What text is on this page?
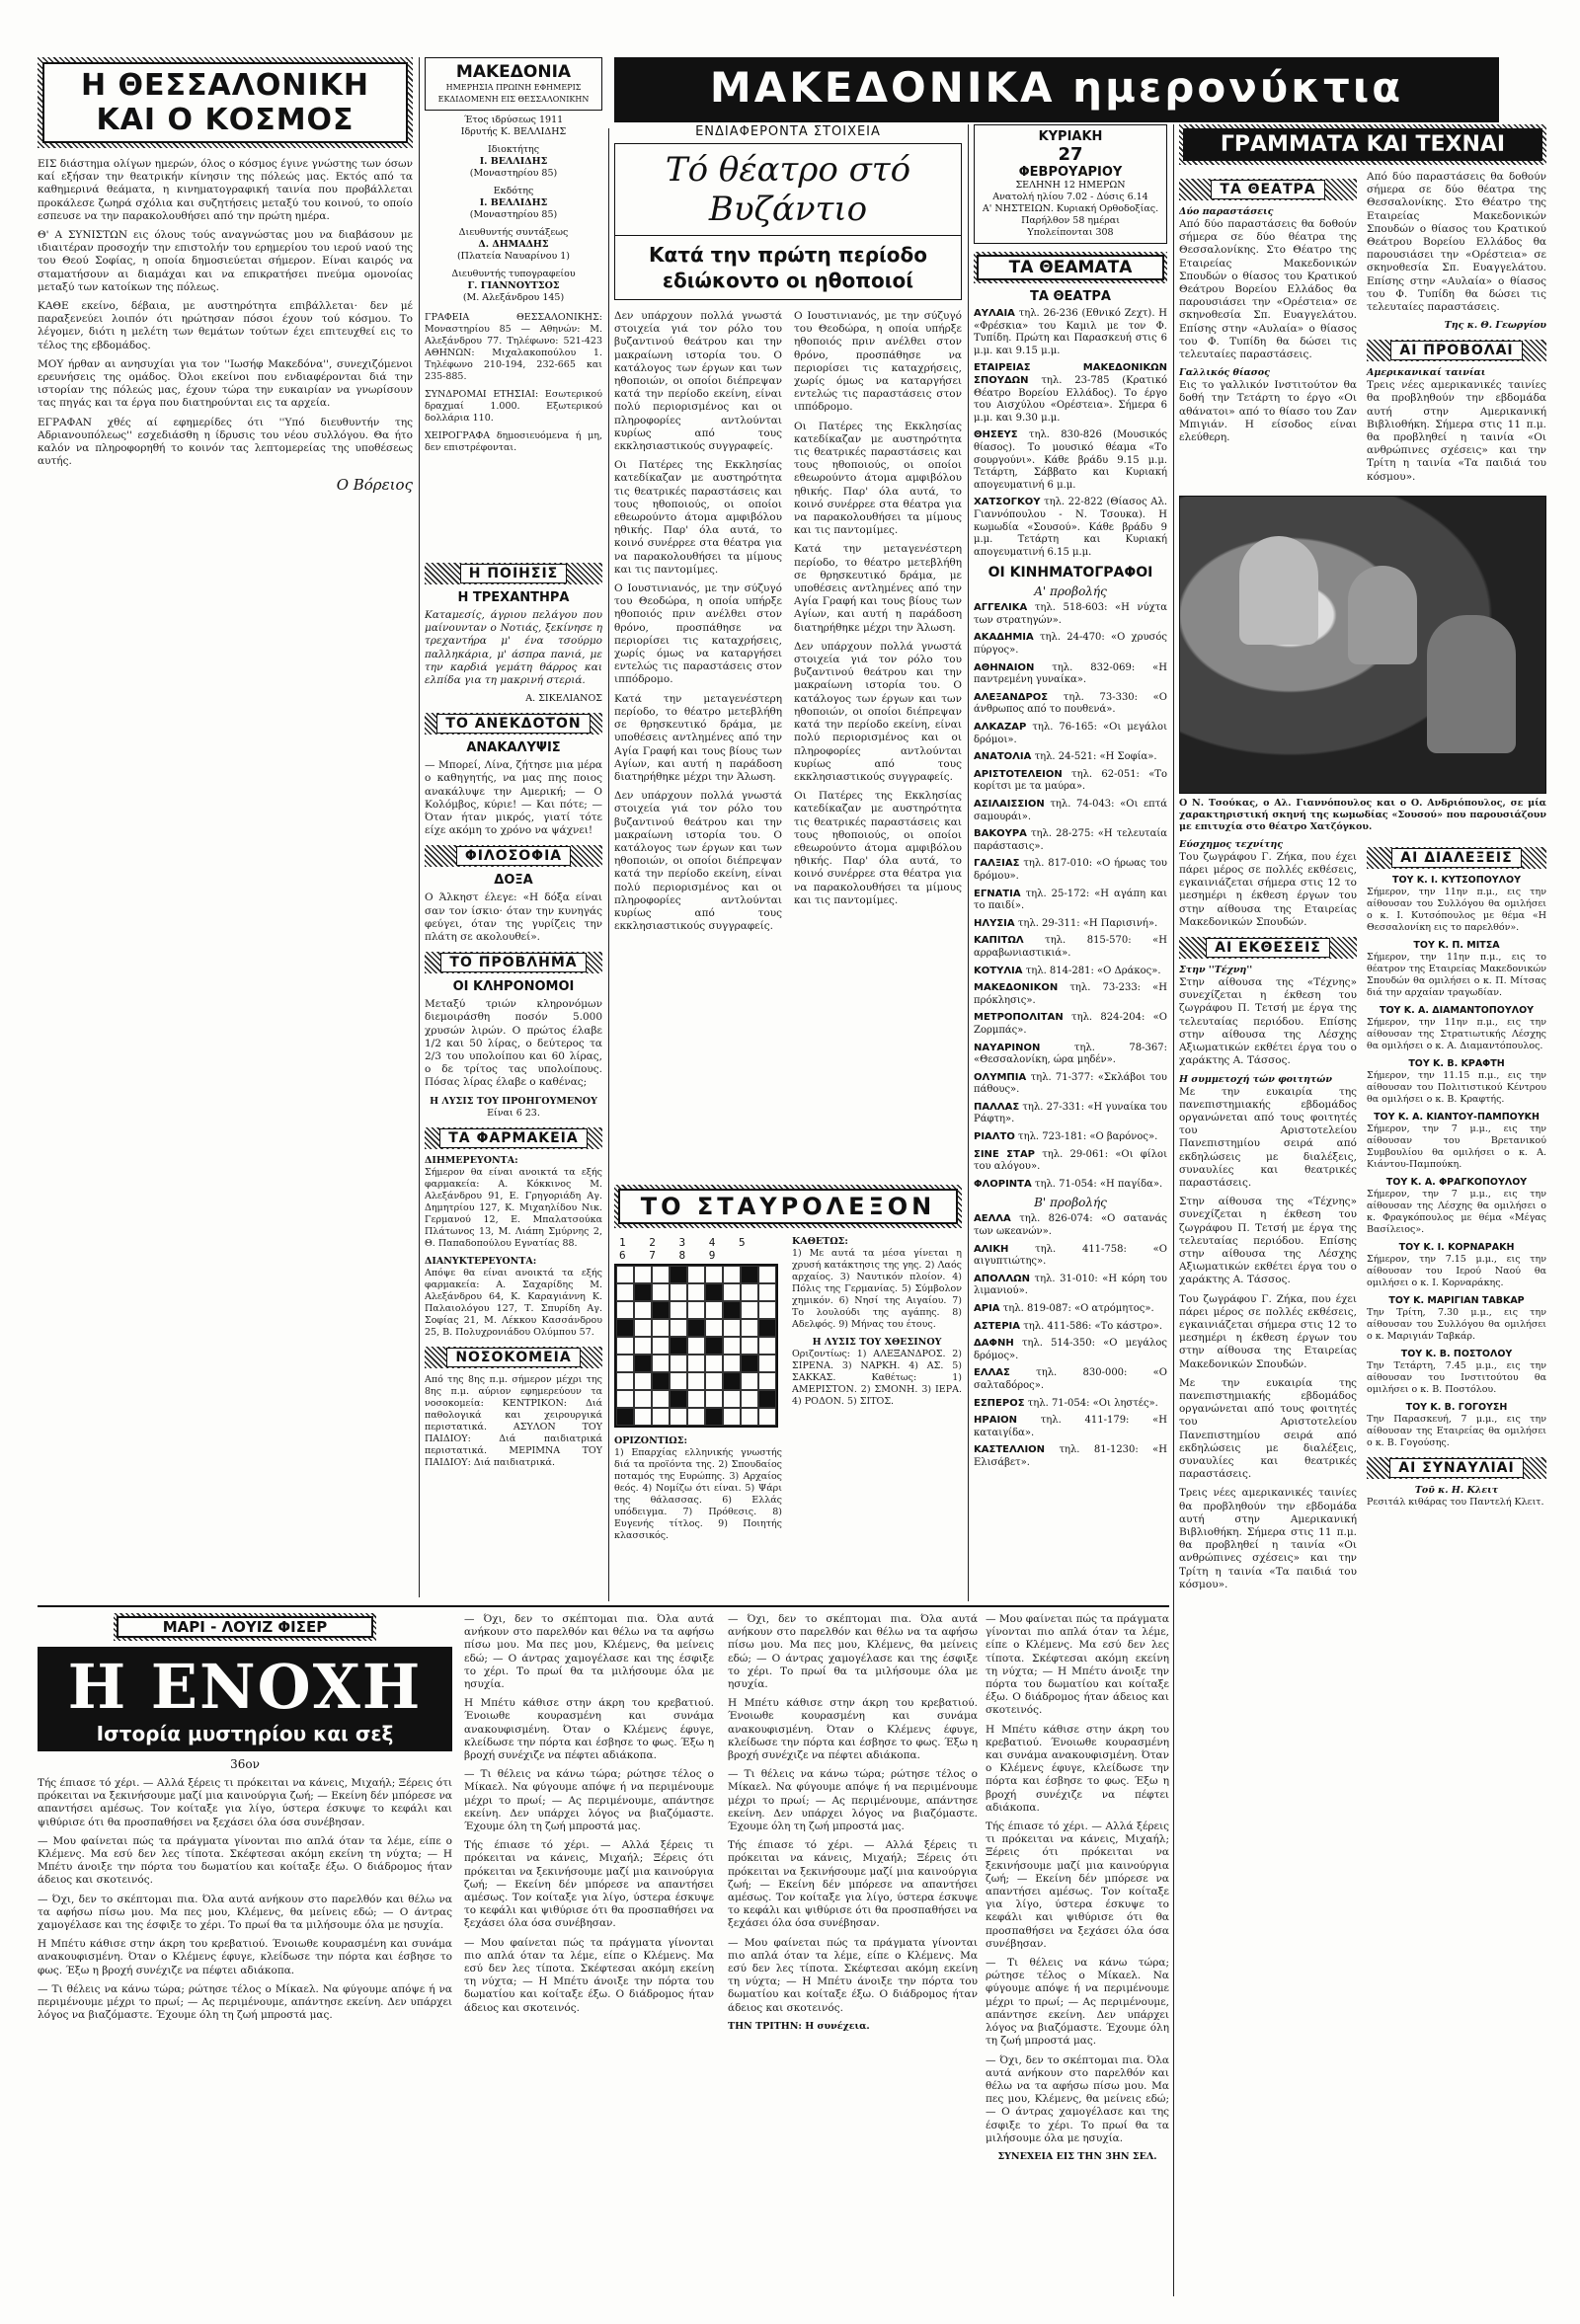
ΜΑΚΕΔΟΝΙΚΑ ημερονύκτια
Η ΘΕΣΣΑΛΟΝΙΚΗ
ΚΑΙ Ο ΚΟΣΜΟΣ

ΕΙΣ διάστημα ολίγων ημερών, όλος ο κόσμος έγινε γνώστης των όσων καί εξήσαν την θεατρικήν κίνησιν της πόλεώς μας. Εκτός από τα καθημερινά θεάματα, η κινηματογραφική ταινία που προβάλλεται προκάλεσε ζωηρά σχόλια και συζητήσεις μεταξύ του κοινού, το οποίο εσπευσε να την παρακολουθήσει από την πρώτη ημέρα.

Θ' Α ΣΥΝΙΣΤΩΝ εις όλους τούς αναγνώστας μου να διαβάσουν με ιδιαιτέραν προσοχήν την επιστολήν του ερημερίου του ιερού ναού της του Θεού Σοφίας, η οποία δημοσιεύεται σήμερον. Είναι καιρός να σταματήσουν αι διαμάχαι και να επικρατήσει πνεύμα ομονοίας μεταξύ των κατοίκων της πόλεως.

ΚΑΘΕ εκείνο, δέβαια, με αυστηρότητα επιβάλλεται· δεν μέ παραξενεύει λοιπόν ότι ηρώτησαν πόσοι έχουν τού κόσμου. Το λέγομεν, διότι η μελέτη των θεμάτων τούτων έχει επιτευχθεί εις το τέλος της εβδομάδος.

ΜΟΥ ήρθαν αι ανησυχίαι για τον ''Ιωσήφ Μακεδόνα'', συνεχιζόμενοι ερευνήσεις της ομάδος. Όλοι εκείνοι που ενδιαφέρονται διά την ιστορίαν της πόλεώς μας, έχουν τώρα την ευκαιρίαν να γνωρίσουν τας πηγάς και τα έργα που διατηρούνται εις τα αρχεία.

ΕΓΡΑΦΑΝ χθές αί εφημερίδες ότι ''Υπό διευθυντήν της Αδριανουπόλεως'' εσχεδιάσθη η ίδρυσις του νέου συλλόγου. Θα ήτο καλόν να πληροφορηθή το κοινόν τας λεπτομερείας της υποθέσεως αυτής.

Ο Βόρειος
ΜΑΚΕΔΟΝΙΑ
ΗΜΕΡΗΣΙΑ ΠΡΩΙΝΗ ΕΦΗΜΕΡΙΣ ΕΚΔΙΔΟΜΕΝΗ ΕΙΣ ΘΕΣΣΑΛΟΝΙΚΗΝ
Έτος ιδρύσεως 1911
Ιδρυτής Κ. ΒΕΛΛΙΔΗΣ
Ιδιοκτήτης
Ι. ΒΕΛΛΙΔΗΣ
(Μοναστηρίου 85)
Εκδότης
Ι. ΒΕΛΛΙΔΗΣ
(Μοναστηρίου 85)
Διευθυντής συντάξεως
Δ. ΔΗΜΑΔΗΣ
(Πλατεία Ναυαρίνου 1)
Διευθυντής τυπογραφείου
Γ. ΓΙΑΝΝΟΥΤΣΟΣ
(Μ. Αλεξάνδρου 145)

ΓΡΑΦΕΙΑ ΘΕΣΣΑΛΟΝΙΚΗΣ: Μοναστηρίου 85 — Αθηνών: Μ. Αλεξάνδρου 77. Τηλέφωνο: 521-423 ΑΘΗΝΩΝ: Μιχαλακοπούλου 1. Τηλέφωνο 210-194, 232-665 και 235-885.

ΣΥΝΔΡΟΜΑΙ ΕΤΗΣΙΑΙ: Εσωτερικού δραχμαί 1.000. Εξωτερικού δολλάρια 110.

ΧΕΙΡΟΓΡΑΦΑ δημοσιευόμενα ή μη, δεν επιστρέφονται.

Η ΠΟΙΗΣΙΣ
Η ΤΡΕΧΑΝΤΗΡΑ

Καταμεσίς, άγριου πελάγου που μαίνουνταν ο Νοτιάς, ξεκίνησε η τρεχαντήρα μ' ένα τσούρμο παλληκάρια, μ' άσπρα πανιά, με την καρδιά γεμάτη θάρρος και ελπίδα για τη μακρινή στεριά.

Α. ΣΙΚΕΛΙΑΝΟΣ
ΤΟ ΑΝΕΚΔΟΤΟΝ
ΑΝΑΚΑΛΥΨΙΣ

— Μπορεί, Λίνα, ζήτησε μια μέρα ο καθηγητής, να μας πης ποιος ανακάλυψε την Αμερική; — Ο Κολόμβος, κύριε! — Και πότε; — Όταν ήταν μικρός, γιατί τότε είχε ακόμη το χρόνο να ψάχνει!

ΦΙΛΟΣΟΦΙΑ
ΔΟΞΑ

Ο Άλκηστ έλεγε: «Η δόξα είναι σαν τον ίσκιο· όταν την κυνηγάς φεύγει, όταν της γυρίζεις την πλάτη σε ακολουθεί».

ΤΟ ΠΡΟΒΛΗΜΑ
ΟΙ ΚΛΗΡΟΝΟΜΟΙ

Μεταξύ τριών κληρονόμων διεμοιράσθη ποσόν 5.000 χρυσών λιρών. Ο πρώτος έλαβε 1/2 και 50 λίρας, ο δεύτερος τα 2/3 του υπολοίπου και 60 λίρας, ο δε τρίτος τας υπολοίπους. Πόσας λίρας έλαβε ο καθένας;

Η ΛΥΣΙΣ ΤΟΥ ΠΡΟΗΓΟΥΜΕΝΟΥ
Είναι 6 23.
ΤΑ ΦΑΡΜΑΚΕΙΑ
ΔΙΗΜΕΡΕΥΟΝΤΑ:

Σήμερον θα είναι ανοικτά τα εξής φαρμακεία: Α. Κόκκινος Μ. Αλεξάνδρου 91, Ε. Γρηγοριάδη Αγ. Δημητρίου 127, Κ. Μιχαηλίδου Νικ. Γερμανού 12, Ε. Μπαλατσούκα Πλάτωνος 13, Μ. Λιάπη Σμύρνης 2, Θ. Παπαδοπούλου Εγνατίας 88.

ΔΙΑΝΥΚΤΕΡΕΥΟΝΤΑ:

Απόψε θα είναι ανοικτά τα εξής φαρμακεία: Α. Σαχαρίδης Μ. Αλεξάνδρου 64, Κ. Καραγιάννη Κ. Παλαιολόγου 127, Τ. Σπυρίδη Αγ. Σοφίας 21, Μ. Λέκκου Κασσάνδρου 25, Β. Πολυχρονιάδου Ολύμπου 57.

ΝΟΣΟΚΟΜΕΙΑ

Από της 8ης π.μ. σήμερον μέχρι της 8ης π.μ. αύριον εφημερεύουν τα νοσοκομεία: ΚΕΝΤΡΙΚΟΝ: Διά παθολογικά και χειρουργικά περιστατικά. ΑΣΥΛΟΝ ΤΟΥ ΠΑΙΔΙΟΥ: Διά παιδιατρικά περιστατικά. ΜΕΡΙΜΝΑ ΤΟΥ ΠΑΙΔΙΟΥ: Διά παιδιατρικά.

ΕΝΔΙΑΦΕΡΟΝΤΑ ΣΤΟΙΧΕΙΑ
Τό θέατρο στό Βυζάντιο
Κατά την πρώτη περίοδο εδιώκοντο οι ηθοποιοί

Δεν υπάρχουν πολλά γνωστά στοιχεία γιά τον ρόλο του βυζαντινού θεάτρου και την μακραίωνη ιστορία του. Ο κατάλογος των έργων και των ηθοποιών, οι οποίοι διέπρεψαν κατά την περίοδο εκείνη, είναι πολύ περιορισμένος και οι πληροφορίες αντλούνται κυρίως από τους εκκλησιαστικούς συγγραφείς.

Οι Πατέρες της Εκκλησίας κατεδίκαζαν με αυστηρότητα τις θεατρικές παραστάσεις και τους ηθοποιούς, οι οποίοι εθεωρούντο άτομα αμφιβόλου ηθικής. Παρ' όλα αυτά, το κοινό συνέρρεε στα θέατρα για να παρακολουθήσει τα μίμους και τις παντομίμες.

Ο Ιουστινιανός, με την σύζυγό του Θεοδώρα, η οποία υπήρξε ηθοποιός πριν ανέλθει στον θρόνο, προσπάθησε να περιορίσει τις καταχρήσεις, χωρίς όμως να καταργήσει εντελώς τις παραστάσεις στον ιππόδρομο.

Κατά την μεταγενέστερη περίοδο, το θέατρο μετεβλήθη σε θρησκευτικό δράμα, με υποθέσεις αντλημένες από την Αγία Γραφή και τους βίους των Αγίων, και αυτή η παράδοση διατηρήθηκε μέχρι την Άλωση.

Δεν υπάρχουν πολλά γνωστά στοιχεία γιά τον ρόλο του βυζαντινού θεάτρου και την μακραίωνη ιστορία του. Ο κατάλογος των έργων και των ηθοποιών, οι οποίοι διέπρεψαν κατά την περίοδο εκείνη, είναι πολύ περιορισμένος και οι πληροφορίες αντλούνται κυρίως από τους εκκλησιαστικούς συγγραφείς.

Ο Ιουστινιανός, με την σύζυγό του Θεοδώρα, η οποία υπήρξε ηθοποιός πριν ανέλθει στον θρόνο, προσπάθησε να περιορίσει τις καταχρήσεις, χωρίς όμως να καταργήσει εντελώς τις παραστάσεις στον ιππόδρομο.

Οι Πατέρες της Εκκλησίας κατεδίκαζαν με αυστηρότητα τις θεατρικές παραστάσεις και τους ηθοποιούς, οι οποίοι εθεωρούντο άτομα αμφιβόλου ηθικής. Παρ' όλα αυτά, το κοινό συνέρρεε στα θέατρα για να παρακολουθήσει τα μίμους και τις παντομίμες.

Κατά την μεταγενέστερη περίοδο, το θέατρο μετεβλήθη σε θρησκευτικό δράμα, με υποθέσεις αντλημένες από την Αγία Γραφή και τους βίους των Αγίων, και αυτή η παράδοση διατηρήθηκε μέχρι την Άλωση.

Δεν υπάρχουν πολλά γνωστά στοιχεία γιά τον ρόλο του βυζαντινού θεάτρου και την μακραίωνη ιστορία του. Ο κατάλογος των έργων και των ηθοποιών, οι οποίοι διέπρεψαν κατά την περίοδο εκείνη, είναι πολύ περιορισμένος και οι πληροφορίες αντλούνται κυρίως από τους εκκλησιαστικούς συγγραφείς.

Οι Πατέρες της Εκκλησίας κατεδίκαζαν με αυστηρότητα τις θεατρικές παραστάσεις και τους ηθοποιούς, οι οποίοι εθεωρούντο άτομα αμφιβόλου ηθικής. Παρ' όλα αυτά, το κοινό συνέρρεε στα θέατρα για να παρακολουθήσει τα μίμους και τις παντομίμες.

ΤΟ ΣΤΑΥΡΟΛΕΞΟΝ
1 2 3 4 5 6 7 8 9
ΟΡΙΖΟΝΤΙΩΣ:

1) Επαρχίας ελληνικής γνωστής διά τα προϊόντα της. 2) Σπουδαίος ποταμός της Ευρώπης. 3) Αρχαίος θεός. 4) Νομίζω ότι είναι. 5) Ψάρι της θάλασσας. 6) Ελλάς υπόδειγμα. 7) Πρόθεσις. 8) Ευγενής τίτλος. 9) Ποιητής κλασσικός.

ΚΑΘΕΤΩΣ:

1) Με αυτά τα μέσα γίνεται η χρυσή κατάκτησις της γης. 2) Λαός αρχαίος. 3) Ναυτικόν πλοίον. 4) Πόλις της Γερμανίας. 5) Σύμβολον χημικόν. 6) Νησί της Αιγαίου. 7) Το λουλούδι της αγάπης. 8) Αδελφός. 9) Μήνας του έτους.

Η ΛΥΣΙΣ ΤΟΥ ΧΘΕΣΙΝΟΥ

Οριζοντίως: 1) ΑΛΕΞΑΝΔΡΟΣ. 2) ΣΙΡΕΝΑ. 3) ΝΑΡΚΗ. 4) ΑΣ. 5) ΣΑΚΚΑΣ. Καθέτως: 1) ΑΜΕΡΙΣΤΟΝ. 2) ΣΜΟΝΗ. 3) ΙΕΡΑ. 4) ΡΟΔΟΝ. 5) ΣΙΤΟΣ.

ΚΥΡΙΑΚΗ
27
ΦΕΒΡΟΥΑΡΙΟΥ
ΣΕΛΗΝΗ 12 ΗΜΕΡΩΝ
Ανατολή ηλίου 7.02 - Δύσις 6.14
Α' ΝΗΣΤΕΙΩΝ. Κυριακή Ορθοδοξίας.
Παρήλθον 58 ημέραι
Υπολείπονται 308
ΤΑ ΘΕΑΜΑΤΑ
ΤΑ ΘΕΑΤΡΑ

ΑΥΛΑΙΑ τηλ. 26-236 (Εθνικό Ζεχτ). Η «Φρέσκια» του Καμιλ με τον Φ. Τυπίδη. Πρώτη και Παρασκευή στις 6 μ.μ. και 9.15 μ.μ.

ΕΤΑΙΡΕΙΑΣ ΜΑΚΕΔΟΝΙΚΩΝ ΣΠΟΥΔΩΝ τηλ. 23-785 (Κρατικό Θέατρο Βορείου Ελλάδος). Το έργο του Αισχύλου «Ορέστεια». Σήμερα 6 μ.μ. και 9.30 μ.μ.

ΘΗΣΕΥΣ τηλ. 830-826 (Μουσικός θίασος). Το μουσικό θέαμα «Το σουργούνι». Κάθε βράδυ 9.15 μ.μ. Τετάρτη, Σάββατο και Κυριακή απογευματινή 6 μ.μ.

ΧΑΤΣΟΓΚΟΥ τηλ. 22-822 (Θίασος Αλ. Γιαννόπουλου - Ν. Τσουκα). Η κωμωδία «Σουσού». Κάθε βράδυ 9 μ.μ. Τετάρτη και Κυριακή απογευματινή 6.15 μ.μ.

ΟΙ ΚΙΝΗΜΑΤΟΓΡΑΦΟΙ
Α' προβολής

ΑΓΓΕΛΙΚΑ τηλ. 518-603: «Η νύχτα των στρατηγών».

ΑΚΑΔΗΜΙΑ τηλ. 24-470: «Ο χρυσός πύργος».

ΑΘΗΝΑΙΟΝ τηλ. 832-069: «Η παντρεμένη γυναίκα».

ΑΛΕΞΑΝΔΡΟΣ τηλ. 73-330: «Ο άνθρωπος από το πουθενά».

ΑΛΚΑΖΑΡ τηλ. 76-165: «Οι μεγάλοι δρόμοι».

ΑΝΑΤΟΛΙΑ τηλ. 24-521: «Η Σοφία».

ΑΡΙΣΤΟΤΕΛΕΙΟΝ τηλ. 62-051: «Το κορίτσι με τα μαύρα».

ΑΣΙΛΑΙΣΣΙΟΝ τηλ. 74-043: «Οι επτά σαμουράι».

ΒΑΚΟΥΡΑ τηλ. 28-275: «Η τελευταία παράστασις».

ΓΑΛΞΙΑΣ τηλ. 817-010: «Ο ήρωας του δρόμου».

ΕΓΝΑΤΙΑ τηλ. 25-172: «Η αγάπη και το παιδί».

ΗΛΥΣΙΑ τηλ. 29-311: «Η Παρισινή».

ΚΑΠΙΤΩΛ τηλ. 815-570: «Η αρραβωνιαστικιά».

ΚΟΤΥΛΙΑ τηλ. 814-281: «Ο Δράκος».

ΜΑΚΕΔΟΝΙΚΟΝ τηλ. 73-233: «Η πρόκλησις».

ΜΕΤΡΟΠΟΛΙΤΑΝ τηλ. 824-204: «Ο Ζορμπάς».

ΝΑΥΑΡΙΝΟΝ	τηλ. 78-367: «Θεσσαλονίκη, ώρα μηδέν».

ΟΛΥΜΠΙΑ τηλ. 71-377: «Σκλάβοι του πάθους».

ΠΑΛΛΑΣ τηλ. 27-331: «Η γυναίκα του Ράφτη».

ΡΙΑΛΤΟ τηλ. 723-181: «Ο βαρόνος».

ΣΙΝΕ ΣΤΑΡ τηλ. 29-061: «Οι φίλοι του αλόγου».

ΦΛΟΡΙΝΤΑ τηλ. 71-054: «Η παγίδα».

Β' προβολής

ΑΕΛΛΑ τηλ. 826-074: «Ο σατανάς των ωκεανών».

ΑΛΙΚΗ	τηλ. 411-758: «Ο αιγυπτιώτης».

ΑΠΟΛΛΩΝ τηλ. 31-010: «Η κόρη του λιμανιού».

ΑΡΙΑ τηλ. 819-087: «Ο ατρόμητος».

ΑΣΤΕΡΙΑ τηλ. 411-586: «Το κάστρο».

ΔΑΦΝΗ τηλ. 514-350: «Ο μεγάλος δρόμος».

ΕΛΛΑΣ	τηλ. 830-000: «Ο σαλταδόρος».

ΕΣΠΕΡΟΣ τηλ. 71-054: «Οι ληστές».

ΗΡΑΙΟΝ τηλ. 411-179: «Η καταιγίδα».

ΚΑΣΤΕΛΛΙΟΝ τηλ. 81-1230: «Η Ελισάβετ».

ΓΡΑΜΜΑΤΑ ΚΑΙ ΤΕΧΝΑΙ
ΤΑ ΘΕΑΤΡΑ
Δύο παραστάσεις

Από δύο παραστάσεις θα δοθούν σήμερα σε δύο θέατρα της Θεσσαλονίκης. Στο Θέατρο της Εταιρείας Μακεδονικών Σπουδών ο θίασος του Κρατικού Θεάτρου Βορείου Ελλάδος θα παρουσιάσει την «Ορέστεια» σε σκηνοθεσία Σπ. Ευαγγελάτου. Επίσης στην «Αυλαία» ο θίασος του Φ. Τυπίδη θα δώσει τις τελευταίες παραστάσεις.

Γαλλικός θίασος

Εις το γαλλικόν Ινστιτούτον θα δοθή την Τετάρτη το έργο «Οι αθάνατοι» από το θίασο του Ζαν Μπιγιάν. Η είσοδος είναι ελεύθερη.

Από δύο παραστάσεις θα δοθούν σήμερα σε δύο θέατρα της Θεσσαλονίκης. Στο Θέατρο της Εταιρείας Μακεδονικών Σπουδών ο θίασος του Κρατικού Θεάτρου Βορείου Ελλάδος θα παρουσιάσει την «Ορέστεια» σε σκηνοθεσία Σπ. Ευαγγελάτου. Επίσης στην «Αυλαία» ο θίασος του Φ. Τυπίδη θα δώσει τις τελευταίες παραστάσεις.

Της κ. Θ. Γεωργίου
ΑΙ ΠΡΟΒΟΛΑΙ
Αμερικανικαί ταινίαι

Τρεις νέες αμερικανικές ταινίες θα προβληθούν την εβδομάδα αυτή στην Αμερικανική Βιβλιοθήκη. Σήμερα στις 11 π.μ. θα προβληθεί η ταινία «Οι ανθρώπινες σχέσεις» και την Τρίτη η ταινία «Τα παιδιά του κόσμου».

Ο Ν. Τσούκας, ο Αλ. Γιαννόπουλος και ο Ο. Ανδριόπουλος, σε μία χαρακτηριστική σκηνή της κωμωδίας «Σουσού» που παρουσιάζουν με επιτυχία στο θέατρο Χατζόγκου.

Εύσχημος τεχνίτης

Του ζωγράφου Γ. Ζήκα, που έχει πάρει μέρος σε πολλές εκθέσεις, εγκαινιάζεται σήμερα στις 12 το μεσημέρι η έκθεση έργων του στην αίθουσα της Εταιρείας Μακεδονικών Σπουδών.

ΑΙ ΕΚΘΕΣΕΙΣ
Στην ''Τέχνη''

Στην αίθουσα της «Τέχνης» συνεχίζεται η έκθεση του ζωγράφου Π. Τετσή με έργα της τελευταίας περιόδου. Επίσης στην αίθουσα της Λέσχης Αξιωματικών εκθέτει έργα του ο χαράκτης Α. Τάσσος.

Η συμμετοχή τών φοιτητών

Με την ευκαιρία της πανεπιστημιακής εβδομάδος οργανώνεται από τους φοιτητές του Αριστοτελείου Πανεπιστημίου σειρά από εκδηλώσεις με διαλέξεις, συναυλίες και θεατρικές παραστάσεις.

Στην αίθουσα της «Τέχνης» συνεχίζεται η έκθεση του ζωγράφου Π. Τετσή με έργα της τελευταίας περιόδου. Επίσης στην αίθουσα της Λέσχης Αξιωματικών εκθέτει έργα του ο χαράκτης Α. Τάσσος.

Του ζωγράφου Γ. Ζήκα, που έχει πάρει μέρος σε πολλές εκθέσεις, εγκαινιάζεται σήμερα στις 12 το μεσημέρι η έκθεση έργων του στην αίθουσα της Εταιρείας Μακεδονικών Σπουδών.

Με την ευκαιρία της πανεπιστημιακής εβδομάδος οργανώνεται από τους φοιτητές του Αριστοτελείου Πανεπιστημίου σειρά από εκδηλώσεις με διαλέξεις, συναυλίες και θεατρικές παραστάσεις.

Τρεις νέες αμερικανικές ταινίες θα προβληθούν την εβδομάδα αυτή στην Αμερικανική Βιβλιοθήκη. Σήμερα στις 11 π.μ. θα προβληθεί η ταινία «Οι ανθρώπινες σχέσεις» και την Τρίτη η ταινία «Τα παιδιά του κόσμου».

ΑΙ ΔΙΑΛΕΞΕΙΣ
ΤΟΥ Κ. Ι. ΚΥΤΣΟΠΟΥΛΟΥ

Σήμερον, την 11ην π.μ., εις την αίθουσαν του Συλλόγου θα ομιλήσει ο κ. Ι. Κυτσόπουλος με θέμα «Η Θεσσαλονίκη εις το παρελθόν».

ΤΟΥ Κ. Π. ΜΙΤΣΑ

Σήμερον, την 11ην π.μ., εις το θέατρον της Εταιρείας Μακεδονικών Σπουδών θα ομιλήσει ο κ. Π. Μίτσας διά την αρχαίαν τραγωδίαν.

ΤΟΥ Κ. Α. ΔΙΑΜΑΝΤΟΠΟΥΛΟΥ

Σήμερον, την 11ην π.μ., εις την αίθουσαν της Στρατιωτικής Λέσχης θα ομιλήσει ο κ. Α. Διαμαντόπουλος.

ΤΟΥ Κ. Β. ΚΡΑΦΤΗ

Σήμερον, την 11.15 π.μ., εις την αίθουσαν του Πολιτιστικού Κέντρου θα ομιλήσει ο κ. Β. Κραφτής.

ΤΟΥ Κ. Α. ΚΙΑΝΤΟΥ-ΠΑΜΠΟΥΚΗ

Σήμερον, την 7 μ.μ., εις την αίθουσαν του Βρετανικού Συμβουλίου θα ομιλήσει ο κ. Α. Κιάντου-Παμπούκη.

ΤΟΥ Κ. Α. ΦΡΑΓΚΟΠΟΥΛΟΥ

Σήμερον, την 7 μ.μ., εις την αίθουσαν της Λέσχης θα ομιλήσει ο κ. Φραγκόπουλος με θέμα «Μέγας Βασίλειος».

ΤΟΥ Κ. Ι. ΚΟΡΝΑΡΑΚΗ

Σήμερον, την 7.15 μ.μ., εις την αίθουσαν του Ιερού Ναού θα ομιλήσει ο κ. Ι. Κορναράκης.

ΤΟΥ Κ. ΜΑΡΙΓΙΑΝ ΤΑΒΚΑΡ

Την Τρίτη, 7.30 μ.μ., εις την αίθουσαν του Συλλόγου θα ομιλήσει ο κ. Μαριγιάν Ταβκάρ.

ΤΟΥ Κ. Β. ΠΟΣΤΟΛΟΥ

Την Τετάρτη, 7.45 μ.μ., εις την αίθουσαν του Ινστιτούτου θα ομιλήσει ο κ. Β. Ποστόλου.

ΤΟΥ Κ. Β. ΓΟΓΟΥΣΗ

Την Παρασκευή, 7 μ.μ., εις την αίθουσαν της Εταιρείας θα ομιλήσει ο κ. Β. Γογούσης.

ΑΙ ΣΥΝΑΥΛΙΑΙ
Τοῦ κ. Η. Κλειτ

Ρεσιτάλ κιθάρας του Παντελή Κλειτ.

ΜΑΡΙ - ΛΟΥΙΖ ΦΙΣΕΡ
Η ΕΝΟΧΗ
Ιστορία μυστηρίου και σεξ
36ον

Τής έπιασε τό χέρι. — Αλλά ξέρεις τι πρόκειται να κάνεις, Μιχαήλ; Ξέρεις ότι πρόκειται να ξεκινήσουμε μαζί μια καινούργια ζωή; — Εκείνη δέν μπόρεσε να απαντήσει αμέσως. Τον κοίταξε για λίγο, ύστερα έσκυψε το κεφάλι και ψιθύρισε ότι θα προσπαθήσει να ξεχάσει όλα όσα συνέβησαν.

— Μου φαίνεται πώς τα πράγματα γίνονται πιο απλά όταν τα λέμε, είπε ο Κλέμενς. Μα εσύ δεν λες τίποτα. Σκέφτεσαι ακόμη εκείνη τη νύχτα; — Η Μπέτυ άνοιξε την πόρτα του δωματίου και κοίταξε έξω. Ο διάδρομος ήταν άδειος και σκοτεινός.

— Όχι, δεν το σκέπτομαι πια. Όλα αυτά ανήκουν στο παρελθόν και θέλω να τα αφήσω πίσω μου. Μα πες μου, Κλέμενς, θα μείνεις εδώ; — Ο άντρας χαμογέλασε και της έσφιξε το χέρι. Το πρωί θα τα μιλήσουμε όλα με ησυχία.

Η Μπέτυ κάθισε στην άκρη του κρεβατιού. Ένοιωθε κουρασμένη και συνάμα ανακουφισμένη. Όταν ο Κλέμενς έφυγε, κλείδωσε την πόρτα και έσβησε το φως. Έξω η βροχή συνέχιζε να πέφτει αδιάκοπα.

— Τι θέλεις να κάνω τώρα; ρώτησε τέλος ο Μίκαελ. Να φύγουμε απόψε ή να περιμένουμε μέχρι το πρωί; — Ας περιμένουμε, απάντησε εκείνη. Δεν υπάρχει λόγος να βιαζόμαστε. Έχουμε όλη τη ζωή μπροστά μας.

— Όχι, δεν το σκέπτομαι πια. Όλα αυτά ανήκουν στο παρελθόν και θέλω να τα αφήσω πίσω μου. Μα πες μου, Κλέμενς, θα μείνεις εδώ; — Ο άντρας χαμογέλασε και της έσφιξε το χέρι. Το πρωί θα τα μιλήσουμε όλα με ησυχία.

Η Μπέτυ κάθισε στην άκρη του κρεβατιού. Ένοιωθε κουρασμένη και συνάμα ανακουφισμένη. Όταν ο Κλέμενς έφυγε, κλείδωσε την πόρτα και έσβησε το φως. Έξω η βροχή συνέχιζε να πέφτει αδιάκοπα.

— Τι θέλεις να κάνω τώρα; ρώτησε τέλος ο Μίκαελ. Να φύγουμε απόψε ή να περιμένουμε μέχρι το πρωί; — Ας περιμένουμε, απάντησε εκείνη. Δεν υπάρχει λόγος να βιαζόμαστε. Έχουμε όλη τη ζωή μπροστά μας.

Τής έπιασε τό χέρι. — Αλλά ξέρεις τι πρόκειται να κάνεις, Μιχαήλ; Ξέρεις ότι πρόκειται να ξεκινήσουμε μαζί μια καινούργια ζωή; — Εκείνη δέν μπόρεσε να απαντήσει αμέσως. Τον κοίταξε για λίγο, ύστερα έσκυψε το κεφάλι και ψιθύρισε ότι θα προσπαθήσει να ξεχάσει όλα όσα συνέβησαν.

— Μου φαίνεται πώς τα πράγματα γίνονται πιο απλά όταν τα λέμε, είπε ο Κλέμενς. Μα εσύ δεν λες τίποτα. Σκέφτεσαι ακόμη εκείνη τη νύχτα; — Η Μπέτυ άνοιξε την πόρτα του δωματίου και κοίταξε έξω. Ο διάδρομος ήταν άδειος και σκοτεινός.

— Όχι, δεν το σκέπτομαι πια. Όλα αυτά ανήκουν στο παρελθόν και θέλω να τα αφήσω πίσω μου. Μα πες μου, Κλέμενς, θα μείνεις εδώ; — Ο άντρας χαμογέλασε και της έσφιξε το χέρι. Το πρωί θα τα μιλήσουμε όλα με ησυχία.

Η Μπέτυ κάθισε στην άκρη του κρεβατιού. Ένοιωθε κουρασμένη και συνάμα ανακουφισμένη. Όταν ο Κλέμενς έφυγε, κλείδωσε την πόρτα και έσβησε το φως. Έξω η βροχή συνέχιζε να πέφτει αδιάκοπα.

— Τι θέλεις να κάνω τώρα; ρώτησε τέλος ο Μίκαελ. Να φύγουμε απόψε ή να περιμένουμε μέχρι το πρωί; — Ας περιμένουμε, απάντησε εκείνη. Δεν υπάρχει λόγος να βιαζόμαστε. Έχουμε όλη τη ζωή μπροστά μας.

Τής έπιασε τό χέρι. — Αλλά ξέρεις τι πρόκειται να κάνεις, Μιχαήλ; Ξέρεις ότι πρόκειται να ξεκινήσουμε μαζί μια καινούργια ζωή; — Εκείνη δέν μπόρεσε να απαντήσει αμέσως. Τον κοίταξε για λίγο, ύστερα έσκυψε το κεφάλι και ψιθύρισε ότι θα προσπαθήσει να ξεχάσει όλα όσα συνέβησαν.

— Μου φαίνεται πώς τα πράγματα γίνονται πιο απλά όταν τα λέμε, είπε ο Κλέμενς. Μα εσύ δεν λες τίποτα. Σκέφτεσαι ακόμη εκείνη τη νύχτα; — Η Μπέτυ άνοιξε την πόρτα του δωματίου και κοίταξε έξω. Ο διάδρομος ήταν άδειος και σκοτεινός.

ΤΗΝ ΤΡΙΤΗΝ: Η συνέχεια.

— Μου φαίνεται πώς τα πράγματα γίνονται πιο απλά όταν τα λέμε, είπε ο Κλέμενς. Μα εσύ δεν λες τίποτα. Σκέφτεσαι ακόμη εκείνη τη νύχτα; — Η Μπέτυ άνοιξε την πόρτα του δωματίου και κοίταξε έξω. Ο διάδρομος ήταν άδειος και σκοτεινός.

Η Μπέτυ κάθισε στην άκρη του κρεβατιού. Ένοιωθε κουρασμένη και συνάμα ανακουφισμένη. Όταν ο Κλέμενς έφυγε, κλείδωσε την πόρτα και έσβησε το φως. Έξω η βροχή συνέχιζε να πέφτει αδιάκοπα.

Τής έπιασε τό χέρι. — Αλλά ξέρεις τι πρόκειται να κάνεις, Μιχαήλ; Ξέρεις ότι πρόκειται να ξεκινήσουμε μαζί μια καινούργια ζωή; — Εκείνη δέν μπόρεσε να απαντήσει αμέσως. Τον κοίταξε για λίγο, ύστερα έσκυψε το κεφάλι και ψιθύρισε ότι θα προσπαθήσει να ξεχάσει όλα όσα συνέβησαν.

— Τι θέλεις να κάνω τώρα; ρώτησε τέλος ο Μίκαελ. Να φύγουμε απόψε ή να περιμένουμε μέχρι το πρωί; — Ας περιμένουμε, απάντησε εκείνη. Δεν υπάρχει λόγος να βιαζόμαστε. Έχουμε όλη τη ζωή μπροστά μας.

— Όχι, δεν το σκέπτομαι πια. Όλα αυτά ανήκουν στο παρελθόν και θέλω να τα αφήσω πίσω μου. Μα πες μου, Κλέμενς, θα μείνεις εδώ; — Ο άντρας χαμογέλασε και της έσφιξε το χέρι. Το πρωί θα τα μιλήσουμε όλα με ησυχία.

ΣΥΝΕΧΕΙΑ ΕΙΣ ΤΗΝ 3ΗΝ ΣΕΛ.
